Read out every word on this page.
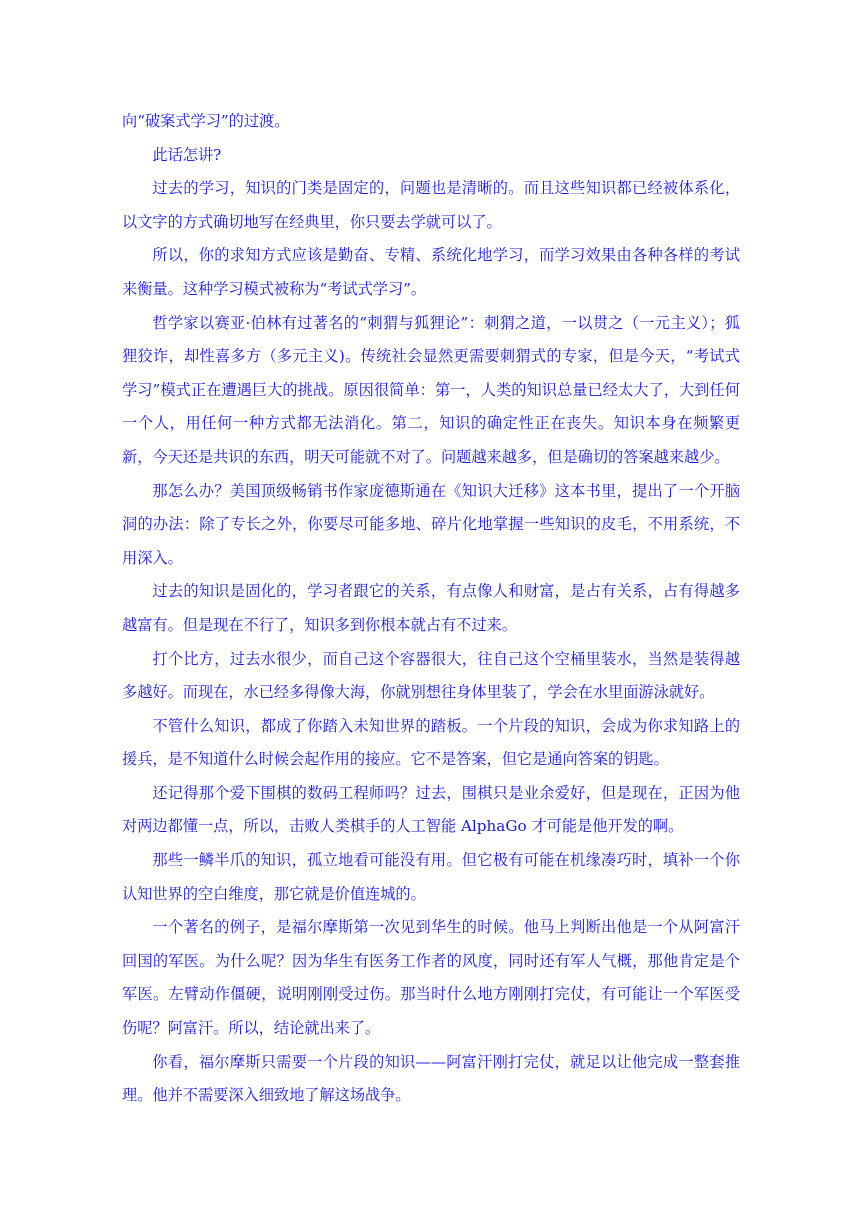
向“破案式学习”的过渡。

此话怎讲?

过去的学习，知识的门类是固定的，问题也是清晰的。而且这些知识都已经被体系化，以文字的方式确切地写在经典里，你只要去学就可以了。

所以，你的求知方式应该是勤奋、专精、系统化地学习，而学习效果由各种各样的考试来衡量。这种学习模式被称为“考试式学习”。

哲学家以赛亚·伯林有过著名的“刺猬与狐狸论”：刺猬之道，一以贯之（一元主义）；狐狸狡诈，却性喜多方（多元主义)。传统社会显然更需要刺猬式的专家，但是今天，“考试式学习”模式正在遭遇巨大的挑战。原因很简单：第一，人类的知识总量已经太大了，大到任何一个人，用任何一种方式都无法消化。第二，知识的确定性正在丧失。知识本身在频繁更新，今天还是共识的东西，明天可能就不对了。问题越来越多，但是确切的答案越来越少。

那怎么办？美国顶级畅销书作家庞德斯通在《知识大迁移》这本书里，提出了一个开脑洞的办法：除了专长之外，你要尽可能多地、碎片化地掌握一些知识的皮毛，不用系统，不用深入。

过去的知识是固化的，学习者跟它的关系，有点像人和财富，是占有关系，占有得越多越富有。但是现在不行了，知识多到你根本就占有不过来。

打个比方，过去水很少，而自己这个容器很大，往自己这个空桶里装水，当然是装得越多越好。而现在，水已经多得像大海，你就别想往身体里装了，学会在水里面游泳就好。

不管什么知识，都成了你踏入未知世界的踏板。一个片段的知识，会成为你求知路上的援兵，是不知道什么时候会起作用的接应。它不是答案，但它是通向答案的钥匙。

还记得那个爱下围棋的数码工程师吗？过去，围棋只是业余爱好，但是现在，正因为他对两边都懂一点，所以，击败人类棋手的人工智能 AlphaGo 才可能是他开发的啊。

那些一鳞半爪的知识，孤立地看可能没有用。但它极有可能在机缘凑巧时，填补一个你认知世界的空白维度，那它就是价值连城的。

一个著名的例子，是福尔摩斯第一次见到华生的时候。他马上判断出他是一个从阿富汗回国的军医。为什么呢？因为华生有医务工作者的风度，同时还有军人气概，那他肯定是个军医。左臂动作僵硬，说明刚刚受过伤。那当时什么地方刚刚打完仗，有可能让一个军医受伤呢？阿富汗。所以，结论就出来了。

你看，福尔摩斯只需要一个片段的知识——阿富汗刚打完仗，就足以让他完成一整套推理。他并不需要深入细致地了解这场战争。
